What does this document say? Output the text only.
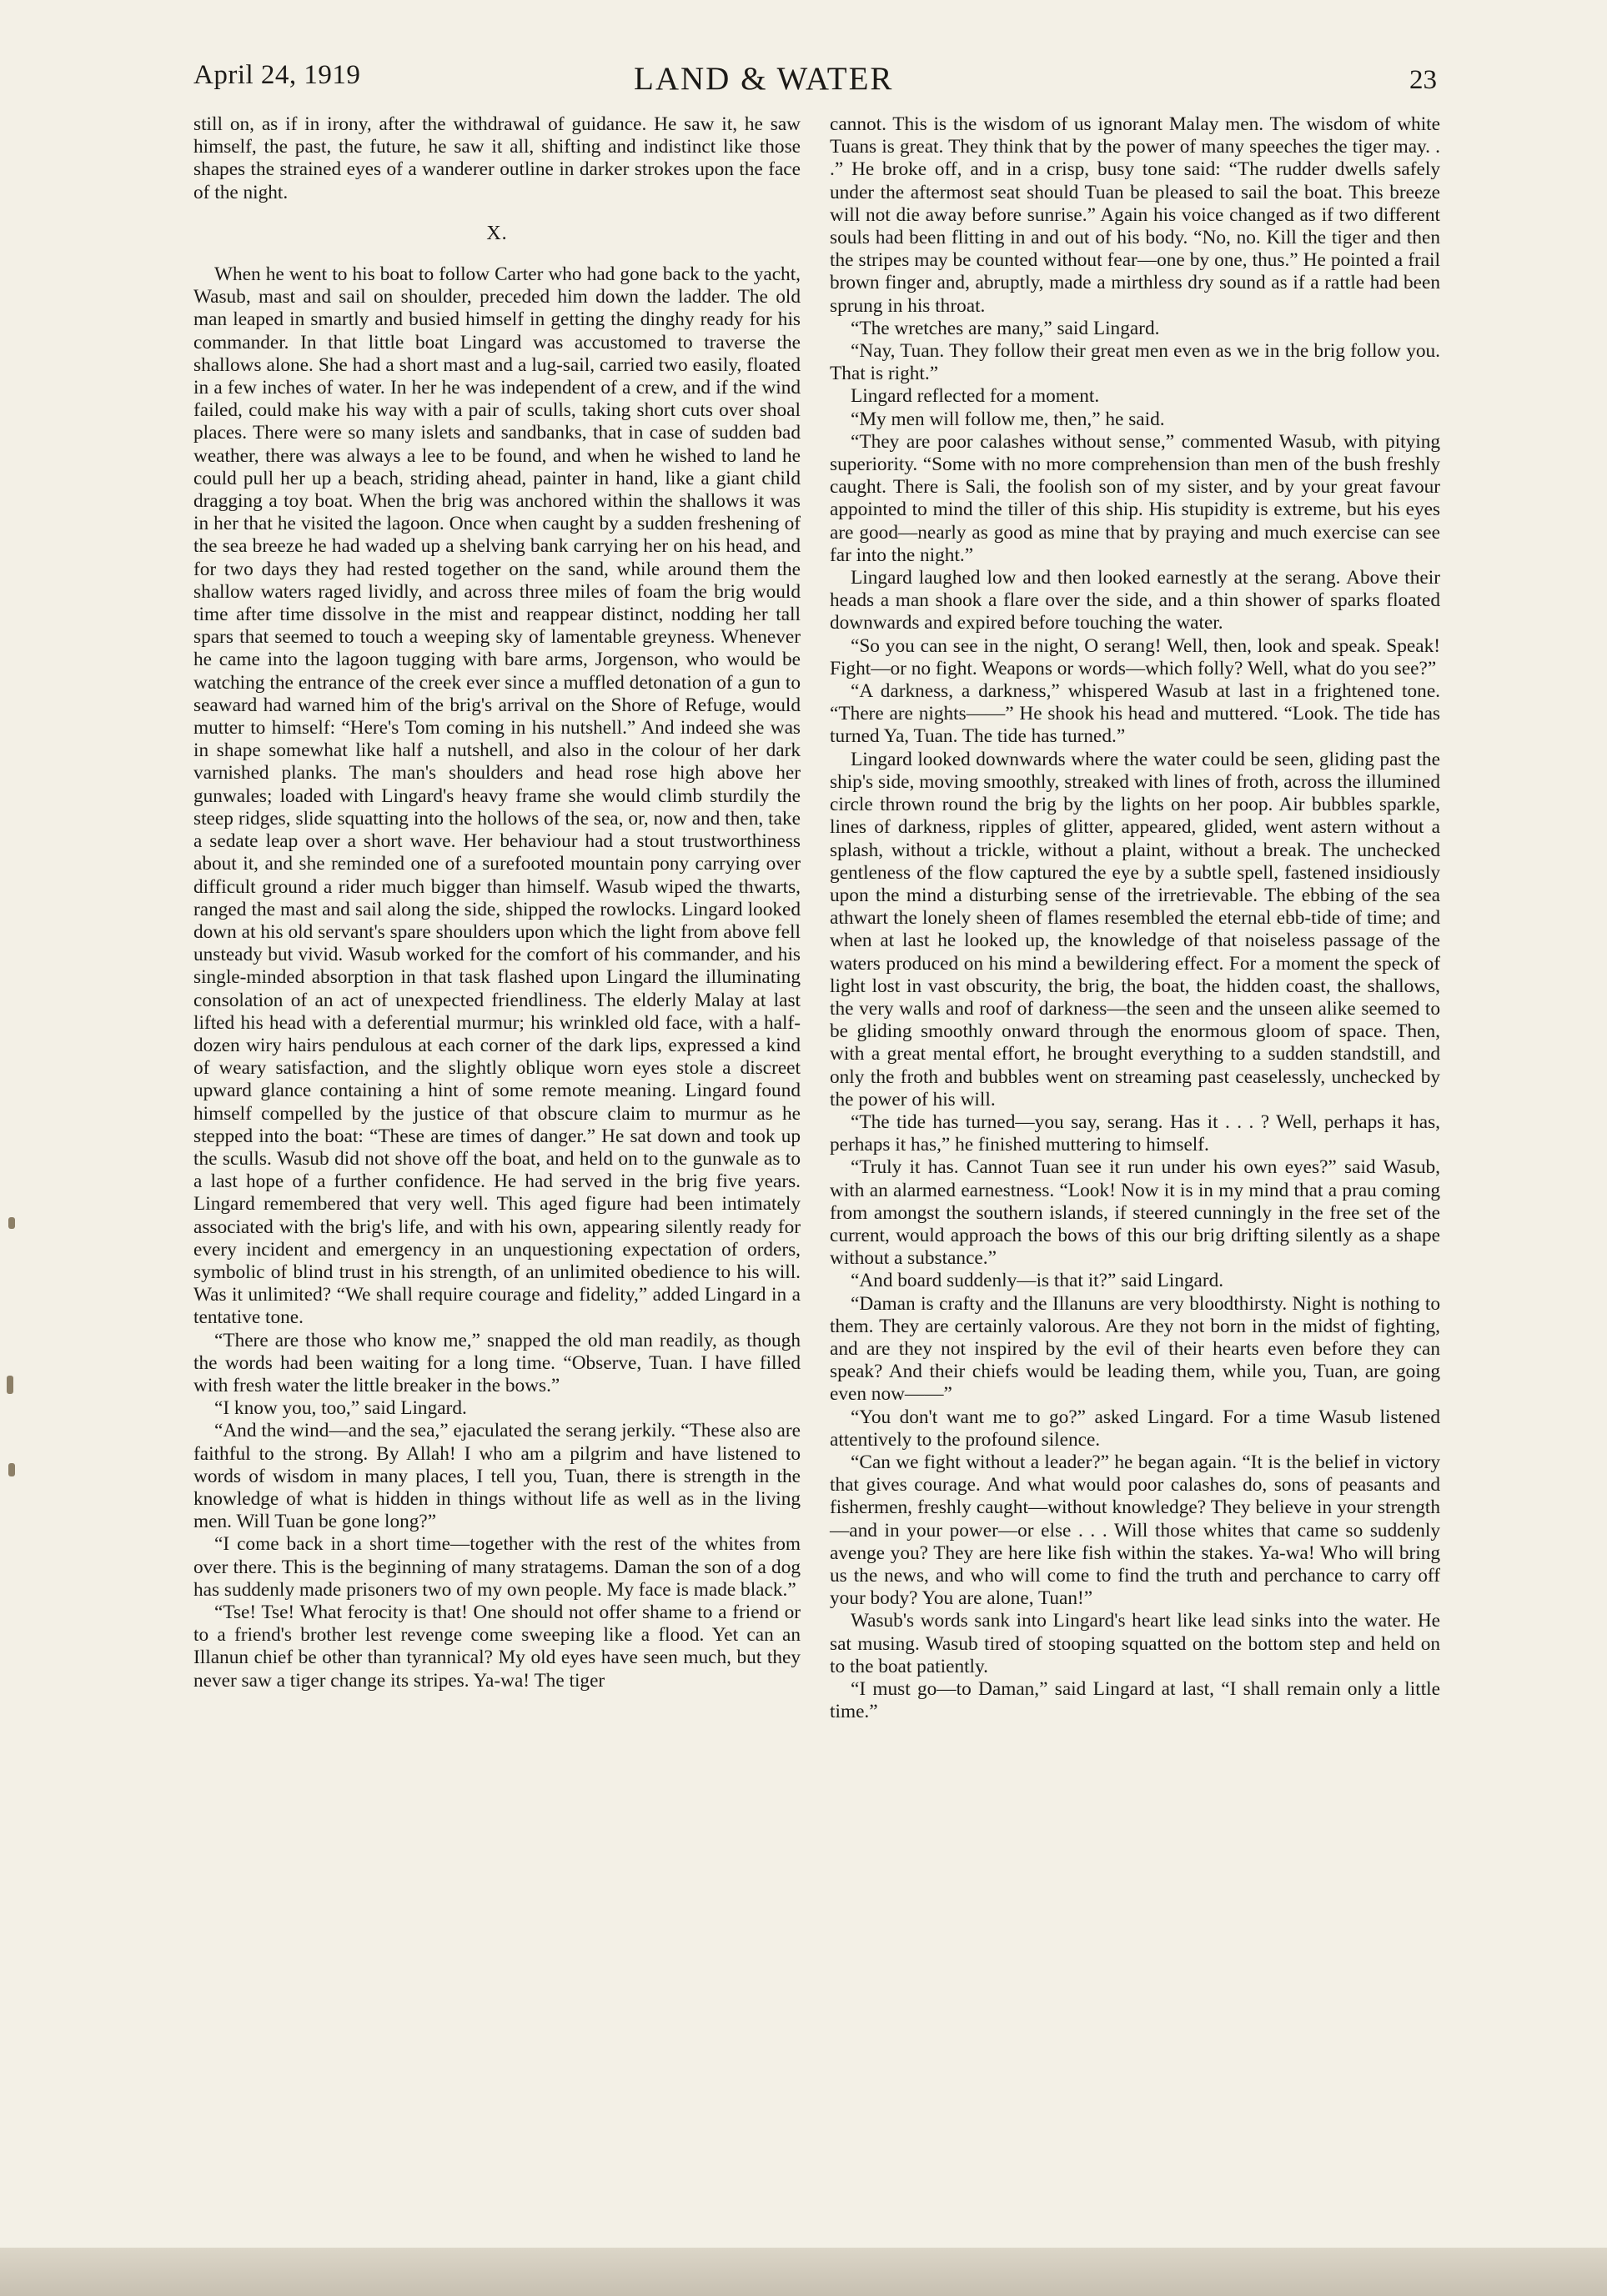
April 24, 1919	LAND & WATER	23

still on, as if in irony, after the withdrawal of guidance. He saw it, he saw himself, the past, the future, he saw it all, shifting and indistinct like those shapes the strained eyes of a wanderer outline in darker strokes upon the face of the night.

X.

When he went to his boat to follow Carter who had gone back to the yacht, Wasub, mast and sail on shoulder, preceded him down the ladder. The old man leaped in smartly and busied himself in getting the dinghy ready for his commander. In that little boat Lingard was accustomed to traverse the shallows alone. She had a short mast and a lug-sail, carried two easily, floated in a few inches of water. In her he was independent of a crew, and if the wind failed, could make his way with a pair of sculls, taking short cuts over shoal places. There were so many islets and sandbanks, that in case of sudden bad weather, there was always a lee to be found, and when he wished to land he could pull her up a beach, striding ahead, painter in hand, like a giant child dragging a toy boat. When the brig was anchored within the shallows it was in her that he visited the lagoon. Once when caught by a sudden freshening of the sea breeze he had waded up a shelving bank carrying her on his head, and for two days they had rested together on the sand, while around them the shallow waters raged lividly, and across three miles of foam the brig would time after time dissolve in the mist and reappear distinct, nodding her tall spars that seemed to touch a weeping sky of lamentable greyness. Whenever he came into the lagoon tugging with bare arms, Jorgenson, who would be watching the entrance of the creek ever since a muffled detonation of a gun to seaward had warned him of the brig's arrival on the Shore of Refuge, would mutter to himself: “Here's Tom coming in his nutshell.” And indeed she was in shape somewhat like half a nutshell, and also in the colour of her dark varnished planks. The man's shoulders and head rose high above her gunwales; loaded with Lingard's heavy frame she would climb sturdily the steep ridges, slide squatting into the hollows of the sea, or, now and then, take a sedate leap over a short wave. Her behaviour had a stout trustworthiness about it, and she reminded one of a surefooted mountain pony carrying over difficult ground a rider much bigger than himself. Wasub wiped the thwarts, ranged the mast and sail along the side, shipped the rowlocks. Lingard looked down at his old servant's spare shoulders upon which the light from above fell unsteady but vivid. Wasub worked for the comfort of his commander, and his single-minded absorption in that task flashed upon Lingard the illuminating consolation of an act of unexpected friendliness. The elderly Malay at last lifted his head with a deferential murmur; his wrinkled old face, with a half-dozen wiry hairs pendulous at each corner of the dark lips, expressed a kind of weary satisfaction, and the slightly oblique worn eyes stole a discreet upward glance containing a hint of some remote meaning. Lingard found himself compelled by the justice of that obscure claim to murmur as he stepped into the boat: “These are times of danger.” He sat down and took up the sculls. Wasub did not shove off the boat, and held on to the gunwale as to a last hope of a further confidence. He had served in the brig five years. Lingard remembered that very well. This aged figure had been intimately associated with the brig's life, and with his own, appearing silently ready for every incident and emergency in an unquestioning expectation of orders, symbolic of blind trust in his strength, of an unlimited obedience to his will. Was it unlimited? “We shall require courage and fidelity,” added Lingard in a tentative tone.

“There are those who know me,” snapped the old man readily, as though the words had been waiting for a long time. “Observe, Tuan. I have filled with fresh water the little breaker in the bows.”

“I know you, too,” said Lingard.

“And the wind—and the sea,” ejaculated the serang jerkily. “These also are faithful to the strong. By Allah! I who am a pilgrim and have listened to words of wisdom in many places, I tell you, Tuan, there is strength in the knowledge of what is hidden in things without life as well as in the living men. Will Tuan be gone long?”

“I come back in a short time—together with the rest of the whites from over there. This is the beginning of many stratagems. Daman the son of a dog has suddenly made prisoners two of my own people. My face is made black.”

“Tse! Tse! What ferocity is that! One should not offer shame to a friend or to a friend's brother lest revenge come sweeping like a flood. Yet can an Illanun chief be other than tyrannical? My old eyes have seen much, but they never saw a tiger change its stripes. Ya-wa! The tiger

cannot. This is the wisdom of us ignorant Malay men. The wisdom of white Tuans is great. They think that by the power of many speeches the tiger may. . .” He broke off, and in a crisp, busy tone said: “The rudder dwells safely under the aftermost seat should Tuan be pleased to sail the boat. This breeze will not die away before sunrise.” Again his voice changed as if two different souls had been flitting in and out of his body. “No, no. Kill the tiger and then the stripes may be counted without fear—one by one, thus.” He pointed a frail brown finger and, abruptly, made a mirthless dry sound as if a rattle had been sprung in his throat.

“The wretches are many,” said Lingard.

“Nay, Tuan. They follow their great men even as we in the brig follow you. That is right.”

Lingard reflected for a moment.

“My men will follow me, then,” he said.

“They are poor calashes without sense,” commented Wasub, with pitying superiority. “Some with no more comprehension than men of the bush freshly caught. There is Sali, the foolish son of my sister, and by your great favour appointed to mind the tiller of this ship. His stupidity is extreme, but his eyes are good—nearly as good as mine that by praying and much exercise can see far into the night.”

Lingard laughed low and then looked earnestly at the serang. Above their heads a man shook a flare over the side, and a thin shower of sparks floated downwards and expired before touching the water.

“So you can see in the night, O serang! Well, then, look and speak. Speak! Fight—or no fight. Weapons or words—which folly? Well, what do you see?”

“A darkness, a darkness,” whispered Wasub at last in a frightened tone. “There are nights——” He shook his head and muttered. “Look. The tide has turned Ya, Tuan. The tide has turned.”

Lingard looked downwards where the water could be seen, gliding past the ship's side, moving smoothly, streaked with lines of froth, across the illumined circle thrown round the brig by the lights on her poop. Air bubbles sparkle, lines of darkness, ripples of glitter, appeared, glided, went astern without a splash, without a trickle, without a plaint, without a break. The unchecked gentleness of the flow captured the eye by a subtle spell, fastened insidiously upon the mind a disturbing sense of the irretrievable. The ebbing of the sea athwart the lonely sheen of flames resembled the eternal ebb-tide of time; and when at last he looked up, the knowledge of that noiseless passage of the waters produced on his mind a bewildering effect. For a moment the speck of light lost in vast obscurity, the brig, the boat, the hidden coast, the shallows, the very walls and roof of darkness—the seen and the unseen alike seemed to be gliding smoothly onward through the enormous gloom of space. Then, with a great mental effort, he brought everything to a sudden standstill, and only the froth and bubbles went on streaming past ceaselessly, unchecked by the power of his will.

“The tide has turned—you say, serang. Has it . . . ? Well, perhaps it has, perhaps it has,” he finished muttering to himself.

“Truly it has. Cannot Tuan see it run under his own eyes?” said Wasub, with an alarmed earnestness. “Look! Now it is in my mind that a prau coming from amongst the southern islands, if steered cunningly in the free set of the current, would approach the bows of this our brig drifting silently as a shape without a substance.”

“And board suddenly—is that it?” said Lingard.

“Daman is crafty and the Illanuns are very bloodthirsty. Night is nothing to them. They are certainly valorous. Are they not born in the midst of fighting, and are they not inspired by the evil of their hearts even before they can speak? And their chiefs would be leading them, while you, Tuan, are going even now——”

“You don't want me to go?” asked Lingard. For a time Wasub listened attentively to the profound silence.

“Can we fight without a leader?” he began again. “It is the belief in victory that gives courage. And what would poor calashes do, sons of peasants and fishermen, freshly caught—without knowledge? They believe in your strength—and in your power—or else . . . Will those whites that came so suddenly avenge you? They are here like fish within the stakes. Ya-wa! Who will bring us the news, and who will come to find the truth and perchance to carry off your body? You are alone, Tuan!”

Wasub's words sank into Lingard's heart like lead sinks into the water. He sat musing. Wasub tired of stooping squatted on the bottom step and held on to the boat patiently.

“I must go—to Daman,” said Lingard at last, “I shall remain only a little time.”
